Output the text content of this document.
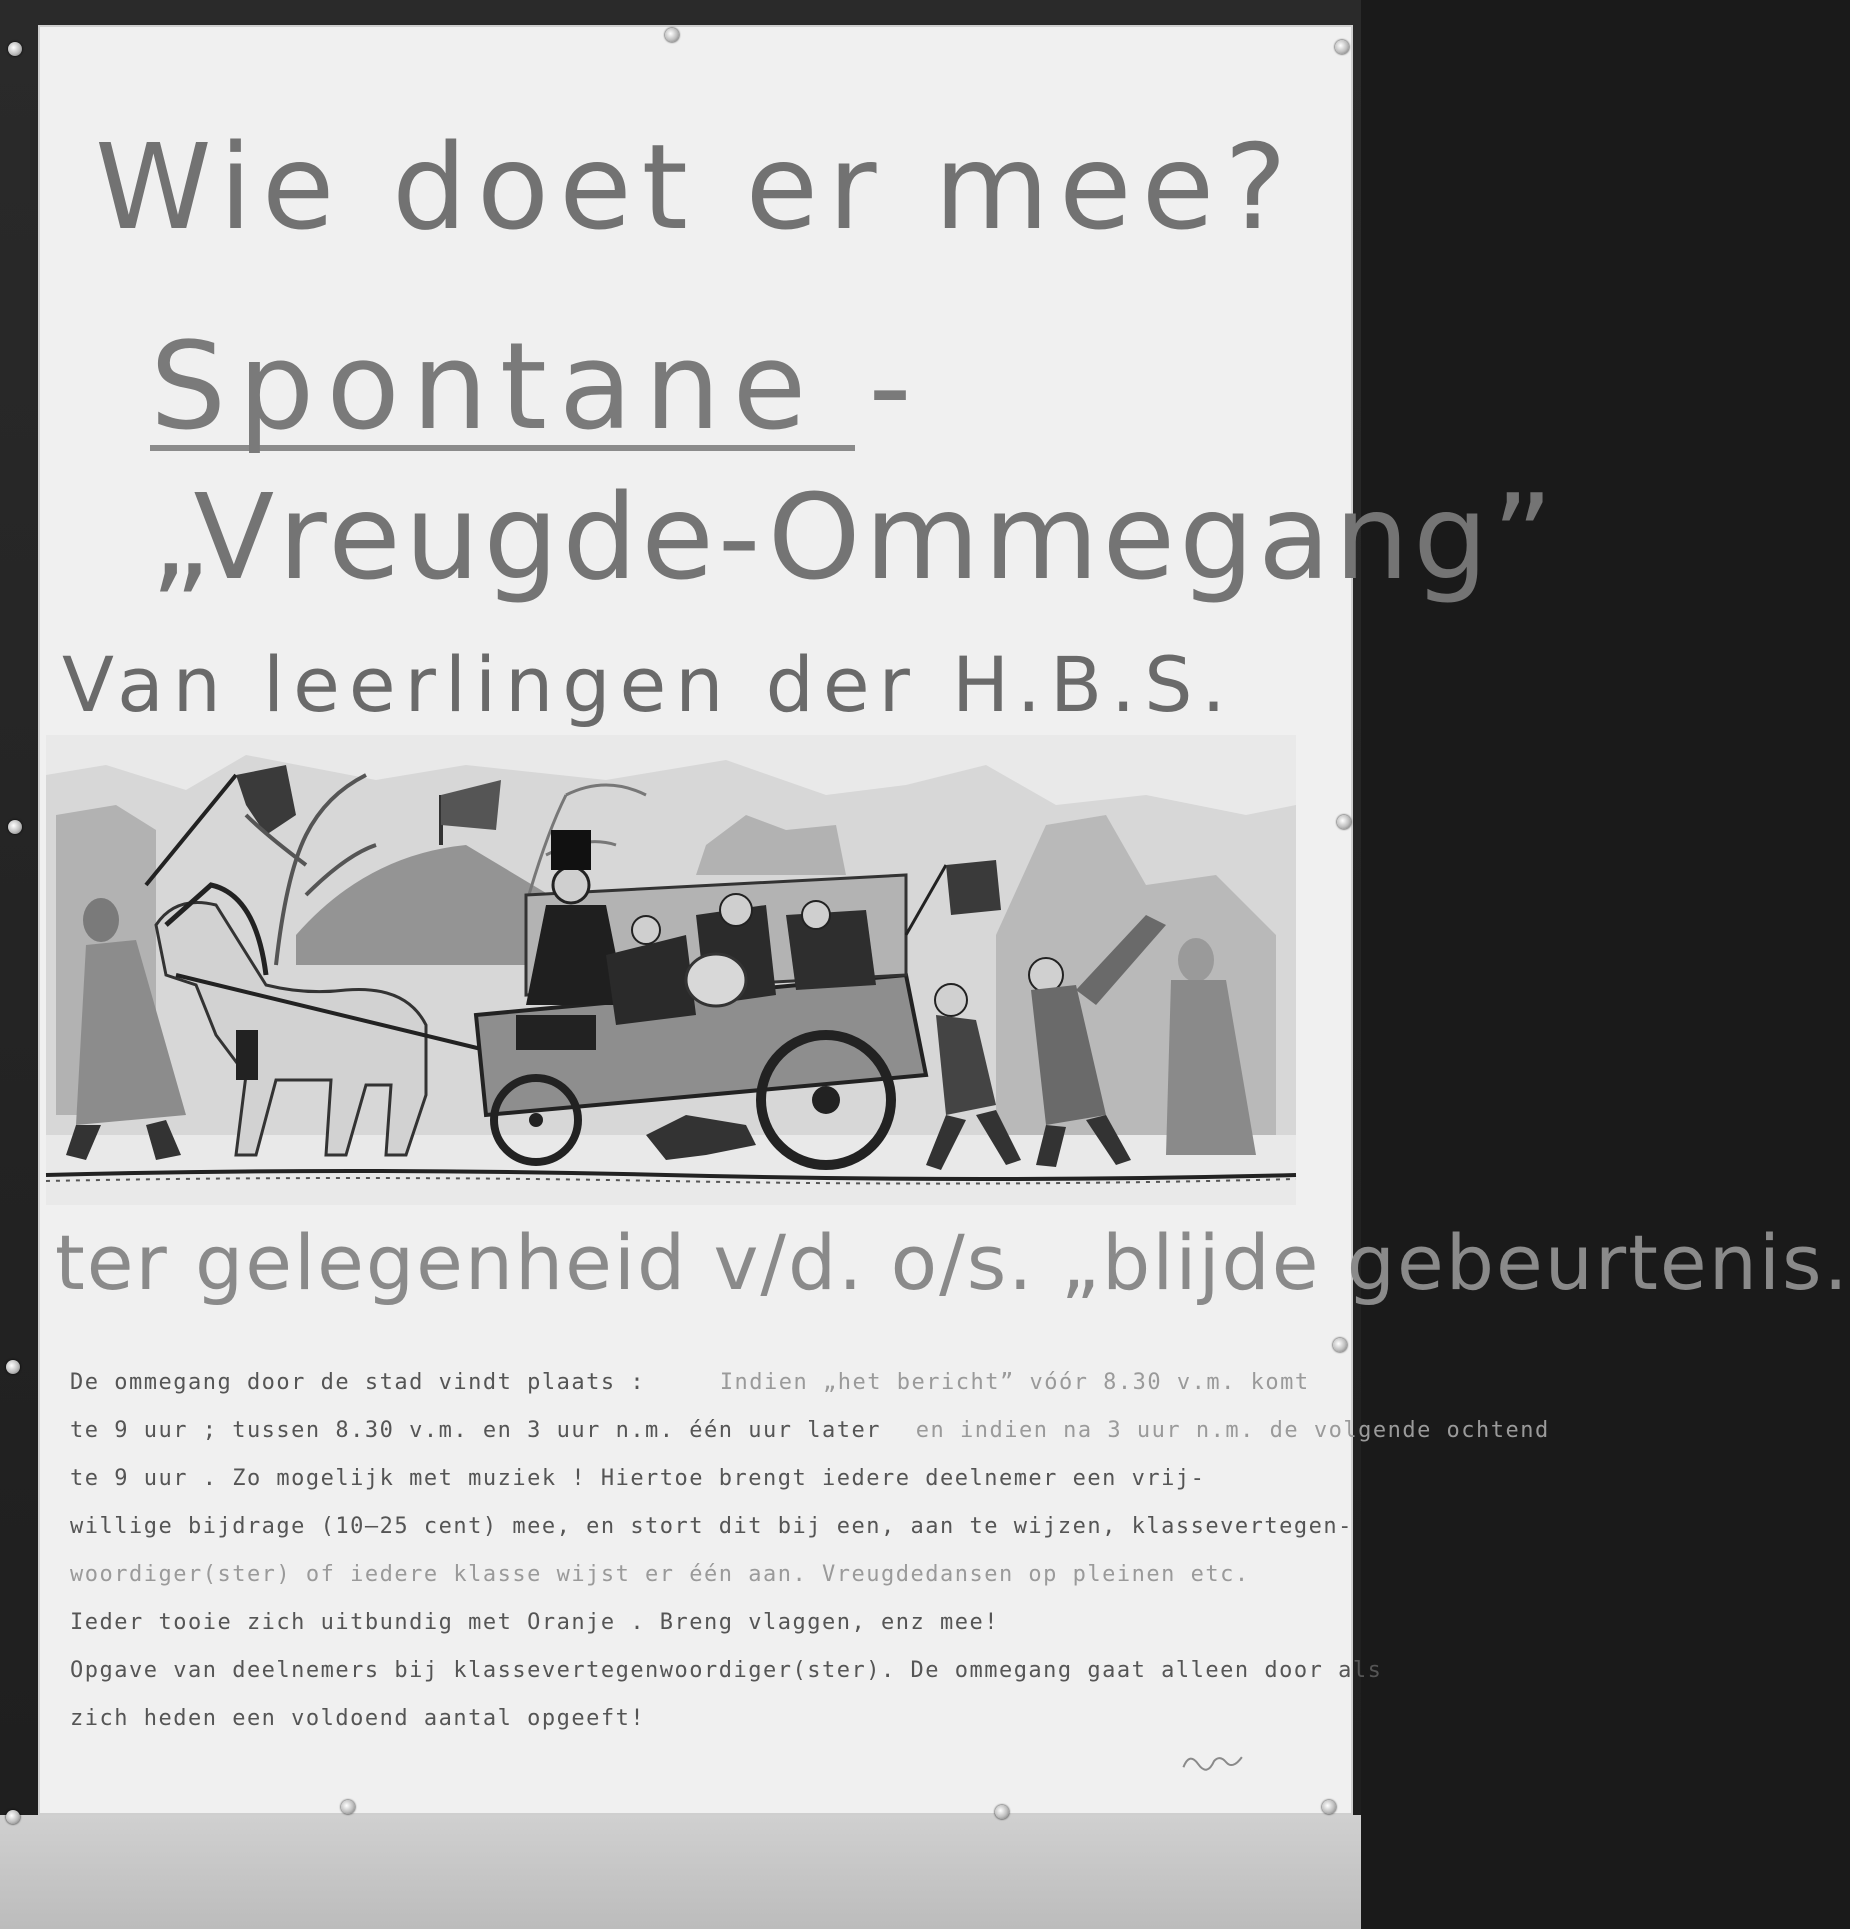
Wie doet er mee?
Spontane -
„Vreugde-Ommegang”
Van leerlingen der H.B.S.
ter gelegenheid v/d. o/s. „blijde gebeurtenis.
De ommegang door de stad vindt plaats :	Indien „het bericht” vóór 8.30 v.m. komt
te 9 uur ; tussen 8.30 v.m. en 3 uur n.m. één uur later en indien na 3 uur n.m. de volgende ochtend
te 9 uur . Zo mogelijk met muziek ! Hiertoe brengt iedere deelnemer een vrij-
willige bijdrage (10—25 cent) mee, en stort dit bij een, aan te wijzen, klassevertegen-
woordiger(ster) of iedere klasse wijst er één aan. Vreugdedansen op pleinen etc.
Ieder tooie zich uitbundig met Oranje . Breng vlaggen, enz mee!
Opgave van deelnemers bij klassevertegenwoordiger(ster). De ommegang gaat alleen door als
zich heden een voldoend aantal opgeeft!
